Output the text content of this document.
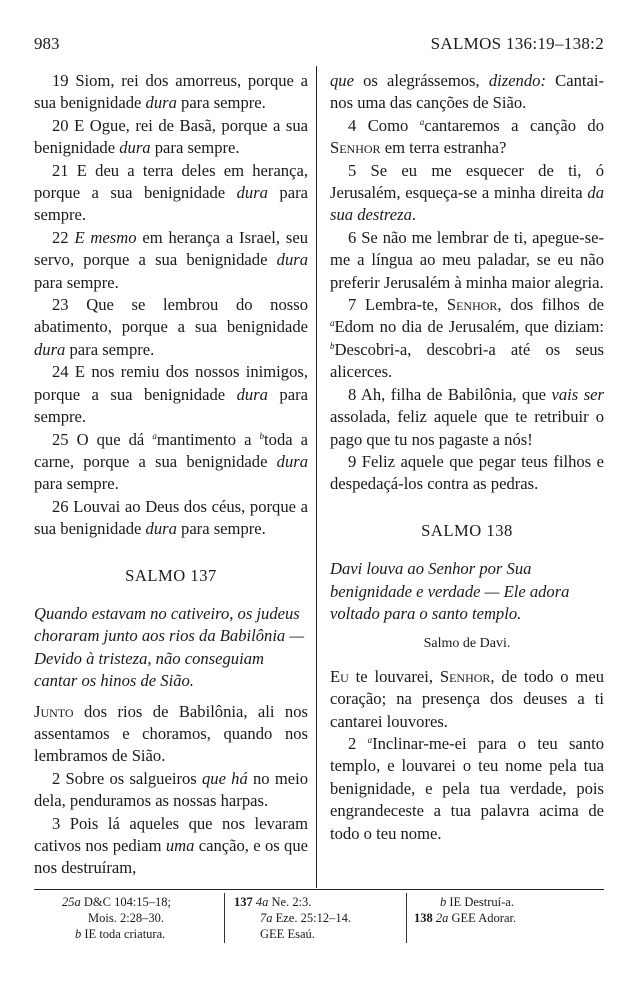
983	SALMOS 136:19–138:2

19 Siom, rei dos amorreus, porque a sua benignidade dura para sempre.

20 E Ogue, rei de Basã, porque a sua benignidade dura para sempre.

21 E deu a terra deles em herança, porque a sua benignidade dura para sempre.

22 E mesmo em herança a Israel, seu servo, porque a sua benignidade dura para sempre.

23 Que se lembrou do nosso abatimento, porque a sua benignidade dura para sempre.

24 E nos remiu dos nossos inimigos, porque a sua benignidade dura para sempre.

25 O que dá $^a$mantimento a $^b$toda a carne, porque a sua benignidade dura para sempre.

26 Louvai ao Deus dos céus, porque a sua benignidade dura para sempre.

SALMO 137

Quando estavam no cativeiro, os judeus choraram junto aos rios da Babilônia — Devido à tristeza, não conseguiam cantar os hinos de Sião.

Junto dos rios de Babilônia, ali nos assentamos e choramos, quando nos lembramos de Sião.

2 Sobre os salgueiros que há no meio dela, penduramos as nossas harpas.

3 Pois lá aqueles que nos levaram cativos nos pediam uma canção, e os que nos destruíram,

que os alegrássemos, dizendo: Cantai-nos uma das canções de Sião.

4 Como $^a$cantaremos a canção do Senhor em terra estranha?

5 Se eu me esquecer de ti, ó Jerusalém, esqueça-se a minha direita da sua destreza.

6 Se não me lembrar de ti, apegue-se-me a língua ao meu paladar, se eu não preferir Jerusalém à minha maior alegria.

7 Lembra-te, Senhor, dos filhos de $^a$Edom no dia de Jerusalém, que diziam: $^b$Descobri-a, descobri-a até os seus alicerces.

8 Ah, filha de Babilônia, que vais ser assolada, feliz aquele que te retribuir o pago que tu nos pagaste a nós!

9 Feliz aquele que pegar teus filhos e despedaçá-los contra as pedras.

SALMO 138

Davi louva ao Senhor por Sua benignidade e verdade — Ele adora voltado para o santo templo.

Salmo de Davi.

Eu te louvarei, Senhor, de todo o meu coração; na presença dos deuses a ti cantarei louvores.

2 $^a$Inclinar-me-ei para o teu santo templo, e louvarei o teu nome pela tua benignidade, e pela tua verdade, pois engrandeceste a tua palavra acima de todo o teu nome.

25a D&C 104:15–18;
Mois. 2:28–30.
b IE toda criatura.
137 4a Ne. 2:3.
7a Eze. 25:12–14.
GEE Esaú.
b IE Destruí-a.
138 2a GEE Adorar.
